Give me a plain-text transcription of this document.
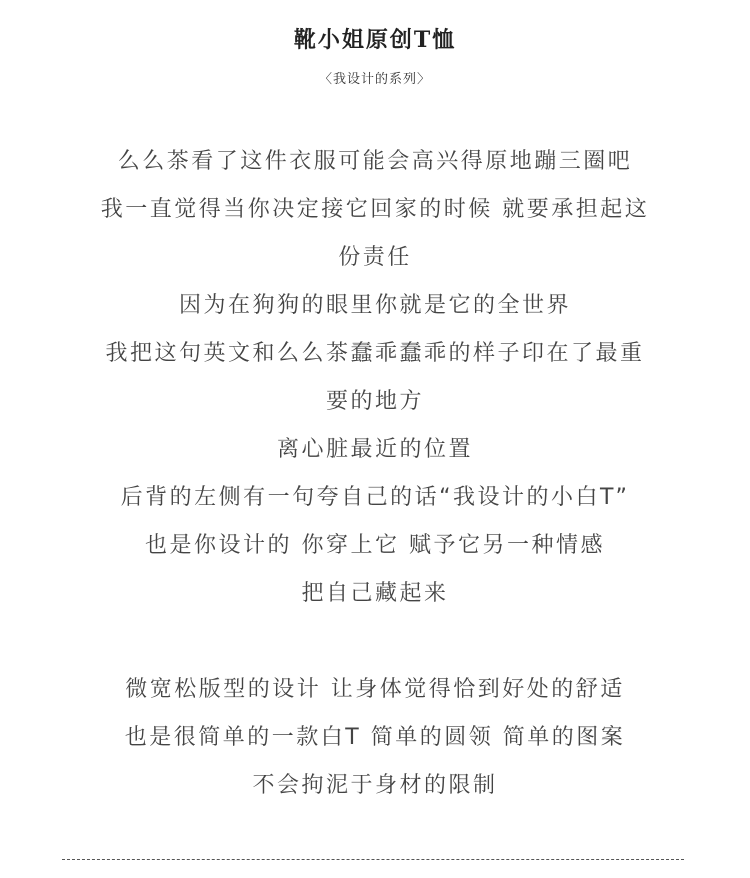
靴小姐原创T恤
〈我设计的系列〉
么么茶看了这件衣服可能会高兴得原地蹦三圈吧
我一直觉得当你决定接它回家的时候 就要承担起这
份责任
因为在狗狗的眼里你就是它的全世界
我把这句英文和么么茶蠢乖蠢乖的样子印在了最重
要的地方
离心脏最近的位置
后背的左侧有一句夸自己的话“我设计的小白T”
也是你设计的 你穿上它 赋予它另一种情感
把自己藏起来
微宽松版型的设计 让身体觉得恰到好处的舒适
也是很简单的一款白T 简单的圆领 简单的图案
不会拘泥于身材的限制
